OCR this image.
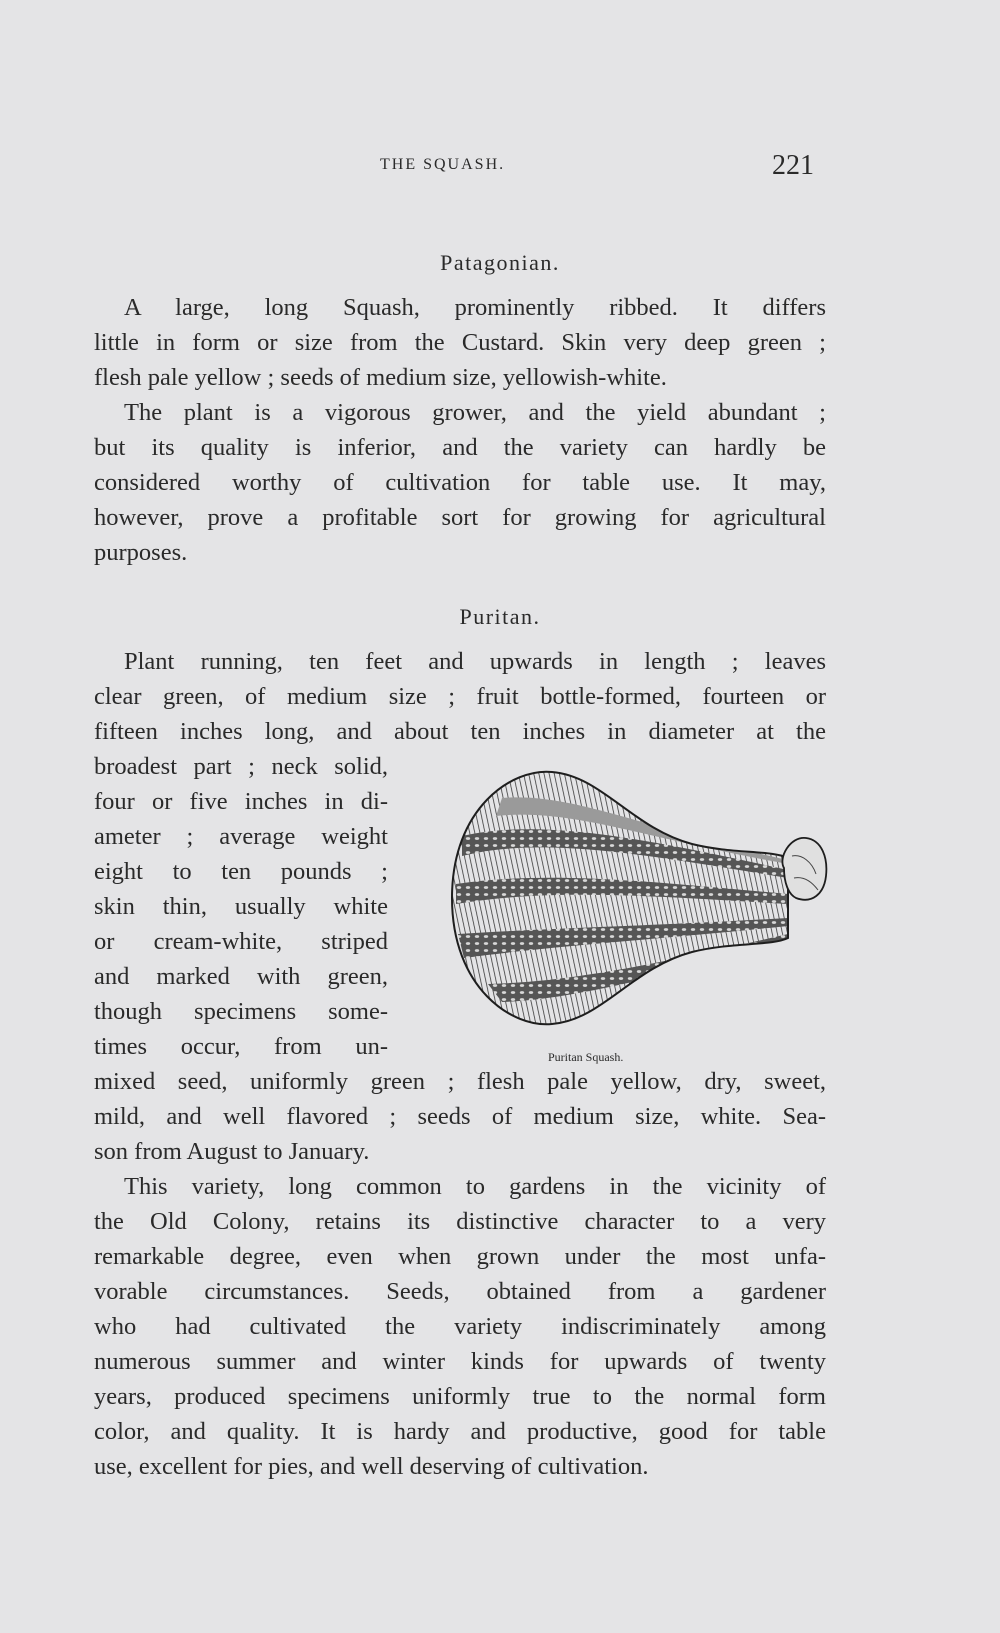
THE SQUASH.	221
Patagonian.
A large, long Squash, prominently ribbed. It differs
little in form or size from the Custard. Skin very deep green ;
flesh pale yellow ; seeds of medium size, yellowish-white.
The plant is a vigorous grower, and the yield abundant ;
but its quality is inferior, and the variety can hardly be
considered worthy of cultivation for table use. It may,
however, prove a profitable sort for growing for agricultural
purposes.
Puritan.
Plant running, ten feet and upwards in length ; leaves
clear green, of medium size ; fruit bottle-formed, fourteen or
fifteen inches long, and about ten inches in diameter at the
broadest part ; neck solid,
four or five inches in di-
ameter ; average weight
eight to ten pounds ;
skin thin, usually white
or cream-white, striped
and marked with green,
though specimens some-
times occur, from un-
mixed seed, uniformly green ; flesh pale yellow, dry, sweet,
mild, and well flavored ; seeds of medium size, white. Sea-
son from August to January.
This variety, long common to gardens in the vicinity of
the Old Colony, retains its distinctive character to a very
remarkable degree, even when grown under the most unfa-
vorable circumstances. Seeds, obtained from a gardener
who had cultivated the variety indiscriminately among
numerous summer and winter kinds for upwards of twenty
years, produced specimens uniformly true to the normal form
color, and quality. It is hardy and productive, good for table
use, excellent for pies, and well deserving of cultivation.
Puritan Squash.
